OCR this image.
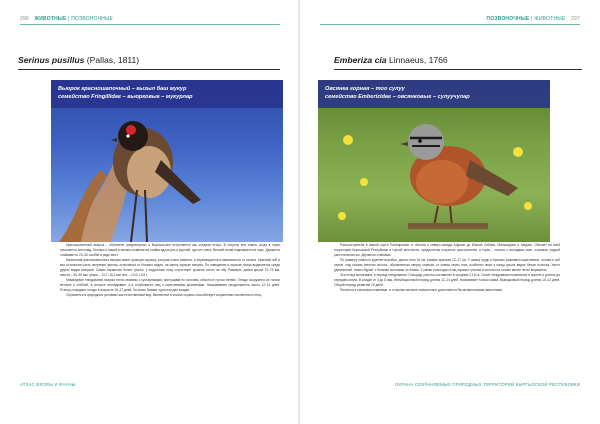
296 ЖИВОТНЫЕ | ПОЗВОНОЧНЫЕ
Serinus pusillus (Pallas, 1811)
Вьюрок красношапочный – кызыл баш мукур
семейство Fringillidae – вьюрковые – мукурлар

Красношапочный вьюрок – обитатель среднегорных в Кыргызстане встречается как оседлая птица. В сторону юга семья, когда в горах начинается снегопад. Осенью и зимой в низины появляется стайка вдоль рек и ущелий, где нет снега. Весной снова поднимается в горы. Держится стайками по 20–30 особей в ряде мест.

Населения красношапочного вьюрка имеет красную окраску, которая очень заметна, и перемещается в зависимости от сезона. Красный лоб и вся остальная часть оперения черная, отличается от близких видов, на смену окраске вьюрка. По поведению и окраске птица выделяется среди других видов вьюрков. Самки окрашены более тускло, у подросших птиц отсутствует красное пятно на лбу. Размеры: длина крыла 73–79 мм, хвоста – 53–59 мм, цевки – 13,7–15,2 мм, вес – 10,0–13,5 г.

Межвидные гнездования вьюрка тесно связаны с кустарниками, растущими по склонам, обычно в густых ветвях. Гнездо сооружено из тонких веточек и стеблей, в которое откладывает 4–5 голубоватых яиц с коричневыми крапинками. Насиживание продолжается около 12–14 дней. Птенцы покидают гнездо в возрасте 15–17 дней. За сезон бывает одна или две кладки.

Охраняется в природных условиях как естественный вид. Включение в список охраны способствует сохранению численности птиц.

АТЛАС ФЛОРЫ И ФАУНЫ
ПОЗВОНОЧНЫЕ | ЖИВОТНЫЕ 297
Emberiza cia Linnaeus, 1766
Овсянка горная – тоо сулуу
семейство Emberizidae – овсянковые – сулуучулар

Распространена в южной части Палеарктики от Англии и северо-запада Африки до Южной Сибири, Маньчжурии и Амурия. Обитает на всей территории Кыргызской Республики в горной местности, предпочитая открытые пространства, в горах – склоны с выходами скал, осыпями, редкой растительностью. Держится стайками.

По размеру немного крупнее воробья: длина тела 16 см, размах крыльев 22–27 см. У самца грудь и брюшко рыжевато-коричневые, голова и зоб серые, над глазом светлая полоса, обрамленная сверху черным, от клюва через глаз, особенно ниже к концу крыла видна белая полоска. Хвост удлиненный, темно-бурый, с белыми полосами по бокам. У самки и молодых птиц окраска тусклая и полосы на голове менее четко выражены.

Эта птица моногамна, в период гнездования. Площадь участка составляет в среднем 2,15 га. Сезон гнездования начинается в апреле и длится до середины июня. В кладке от 4 до 6 яиц. Инкубационный период длится 12–14 дней. Насиживает только самка. Выводковый период длится 10–12 дней. Общий период развития 20 дней.

Питается в основном семенами, в то время питание значительно дополняется беспозвоночными животными.

ОХРАНА СОХРАНЯЕМЫХ ПРИРОДНЫХ ТЕРРИТОРИЙ КЫРГЫЗСКОЙ РЕСПУБЛИКИ
